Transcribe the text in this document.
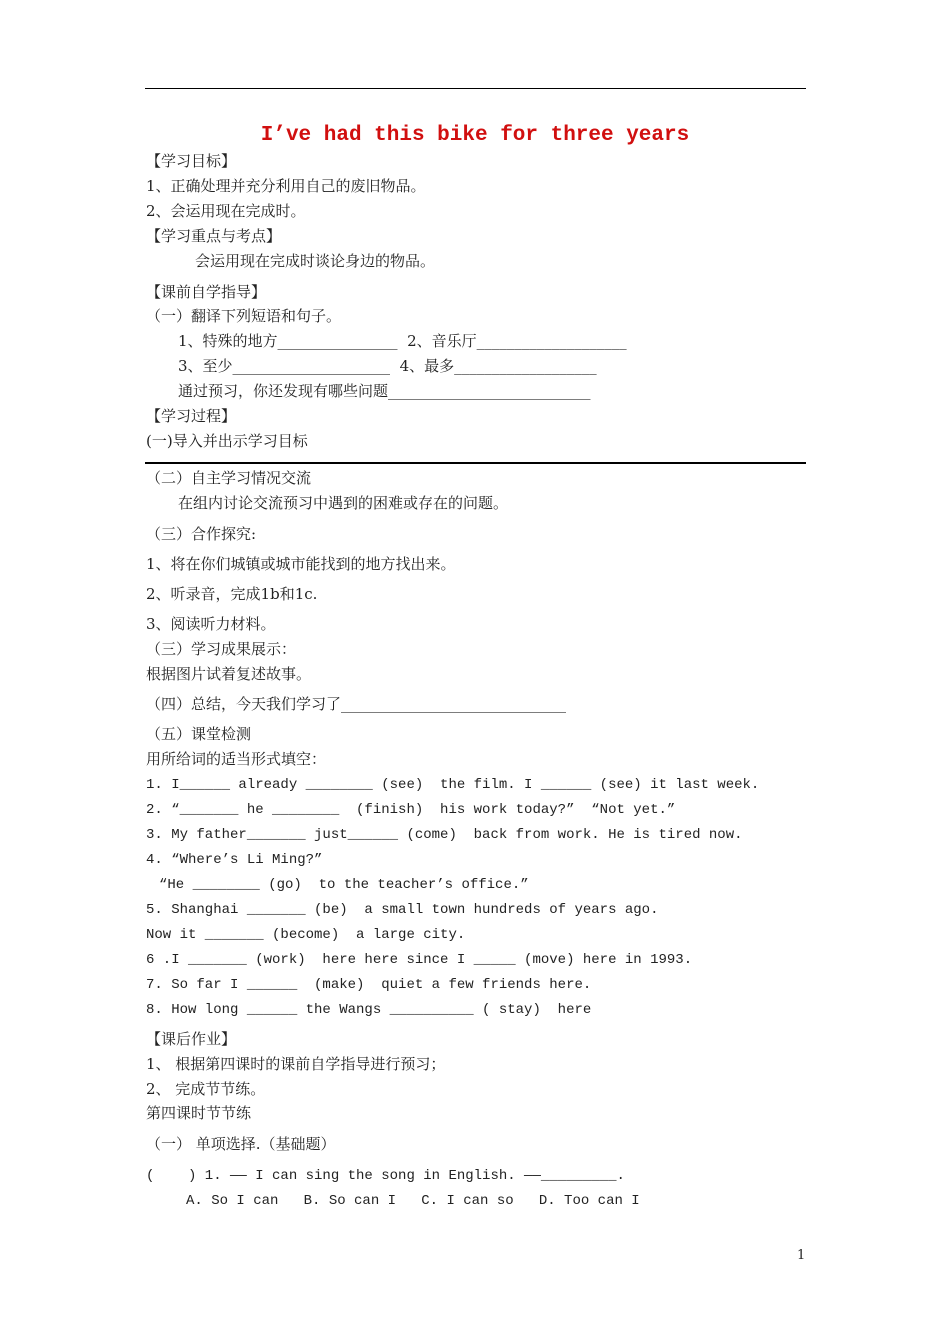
I’ve had this bike for three years
【学习目标】
1、正确处理并充分利用自己的废旧物品。
2、会运用现在完成时。
【学习重点与考点】
会运用现在完成时谈论身边的物品。
【课前自学指导】
（一）翻译下列短语和句子。
1、特殊的地方________________  2、音乐厅____________________
3、至少_____________________  4、最多___________________
通过预习，你还发现有哪些问题___________________________
【学习过程】
(一)导入并出示学习目标
（二）自主学习情况交流
在组内讨论交流预习中遇到的困难或存在的问题。
（三）合作探究:
1、将在你们城镇或城市能找到的地方找出来。
2、听录音，完成1b和1c.
3、阅读听力材料。
（三）学习成果展示：
根据图片试着复述故事。
（四）总结，今天我们学习了______________________________
（五）课堂检测
用所给词的适当形式填空：
1. I______ already ________ (see)  the film. I ______ (see) it last week.
2. “_______ he ________  (finish)  his work today?”  “Not yet.”
3. My father_______ just______ (come)  back from work. He is tired now.
4. “Where’s Li Ming?”
“He ________ (go)  to the teacher’s office.”
5. Shanghai _______ (be)  a small town hundreds of years ago.
Now it _______ (become)  a large city.
6 .I _______ (work)  here here since I _____ (move) here in 1993.
7. So far I ______  (make)  quiet a few friends here.
8. How long ______ the Wangs __________ ( stay)  here
【课后作业】
1、 根据第四课时的课前自学指导进行预习；
2、 完成节节练。
第四课时节节练
（一） 单项选择.（基础题）
(    ) 1. —— I can sing the song in English. ——_________.
A. So I can   B. So can I   C. I can so   D. Too can I
1
